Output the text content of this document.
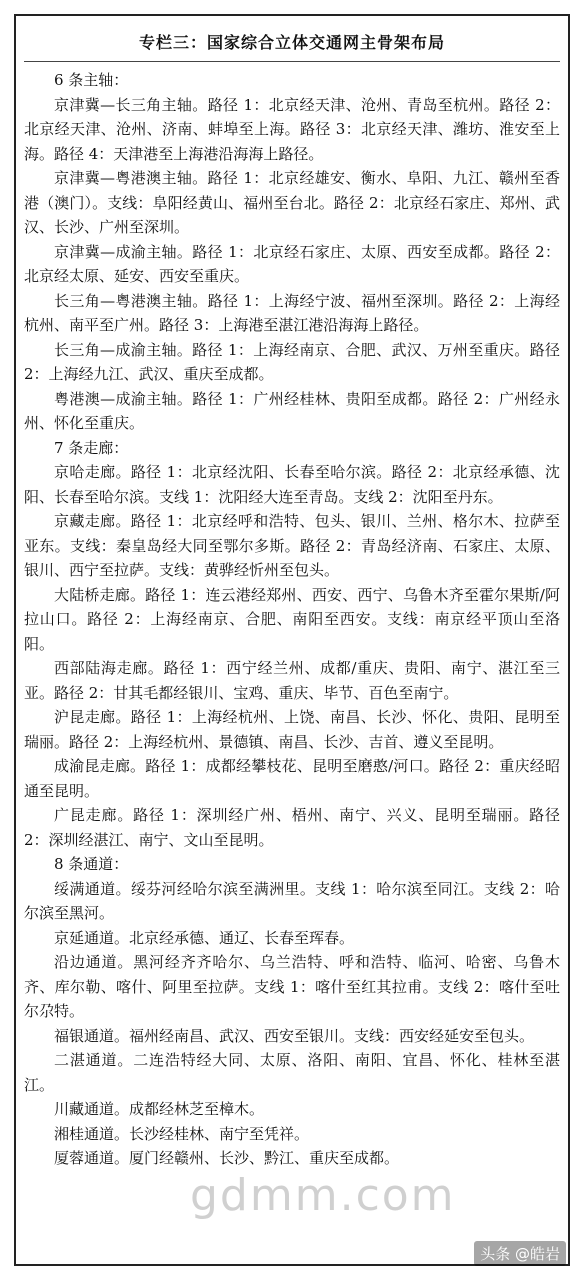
专栏三：国家综合立体交通网主骨架布局

6 条主轴：

京津冀—长三角主轴。路径 1：北京经天津、沧州、青岛至杭州。路径 2：北京经天津、沧州、济南、蚌埠至上海。路径 3：北京经天津、潍坊、淮安至上海。路径 4：天津港至上海港沿海海上路径。

京津冀—粤港澳主轴。路径 1：北京经雄安、衡水、阜阳、九江、赣州至香港（澳门）。支线：阜阳经黄山、福州至台北。路径 2：北京经石家庄、郑州、武汉、长沙、广州至深圳。

京津冀—成渝主轴。路径 1：北京经石家庄、太原、西安至成都。路径 2：北京经太原、延安、西安至重庆。

长三角—粤港澳主轴。路径 1：上海经宁波、福州至深圳。路径 2：上海经杭州、南平至广州。路径 3：上海港至湛江港沿海海上路径。

长三角—成渝主轴。路径 1：上海经南京、合肥、武汉、万州至重庆。路径 2：上海经九江、武汉、重庆至成都。

粤港澳—成渝主轴。路径 1：广州经桂林、贵阳至成都。路径 2：广州经永州、怀化至重庆。

7 条走廊：

京哈走廊。路径 1：北京经沈阳、长春至哈尔滨。路径 2：北京经承德、沈阳、长春至哈尔滨。支线 1：沈阳经大连至青岛。支线 2：沈阳至丹东。

京藏走廊。路径 1：北京经呼和浩特、包头、银川、兰州、格尔木、拉萨至亚东。支线：秦皇岛经大同至鄂尔多斯。路径 2：青岛经济南、石家庄、太原、银川、西宁至拉萨。支线：黄骅经忻州至包头。

大陆桥走廊。路径 1：连云港经郑州、西安、西宁、乌鲁木齐至霍尔果斯/阿拉山口。路径 2：上海经南京、合肥、南阳至西安。支线：南京经平顶山至洛阳。

西部陆海走廊。路径 1：西宁经兰州、成都/重庆、贵阳、南宁、湛江至三亚。路径 2：甘其毛都经银川、宝鸡、重庆、毕节、百色至南宁。

沪昆走廊。路径 1：上海经杭州、上饶、南昌、长沙、怀化、贵阳、昆明至瑞丽。路径 2：上海经杭州、景德镇、南昌、长沙、吉首、遵义至昆明。

成渝昆走廊。路径 1：成都经攀枝花、昆明至磨憨/河口。路径 2：重庆经昭通至昆明。

广昆走廊。路径 1：深圳经广州、梧州、南宁、兴义、昆明至瑞丽。路径 2：深圳经湛江、南宁、文山至昆明。

8 条通道：

绥满通道。绥芬河经哈尔滨至满洲里。支线 1：哈尔滨至同江。支线 2：哈尔滨至黑河。

京延通道。北京经承德、通辽、长春至珲春。

沿边通道。黑河经齐齐哈尔、乌兰浩特、呼和浩特、临河、哈密、乌鲁木齐、库尔勒、喀什、阿里至拉萨。支线 1：喀什至红其拉甫。支线 2：喀什至吐尔尕特。

福银通道。福州经南昌、武汉、西安至银川。支线：西安经延安至包头。

二湛通道。二连浩特经大同、太原、洛阳、南阳、宜昌、怀化、桂林至湛江。

川藏通道。成都经林芝至樟木。

湘桂通道。长沙经桂林、南宁至凭祥。

厦蓉通道。厦门经赣州、长沙、黔江、重庆至成都。

gdmm.com
头条 @皓岩
